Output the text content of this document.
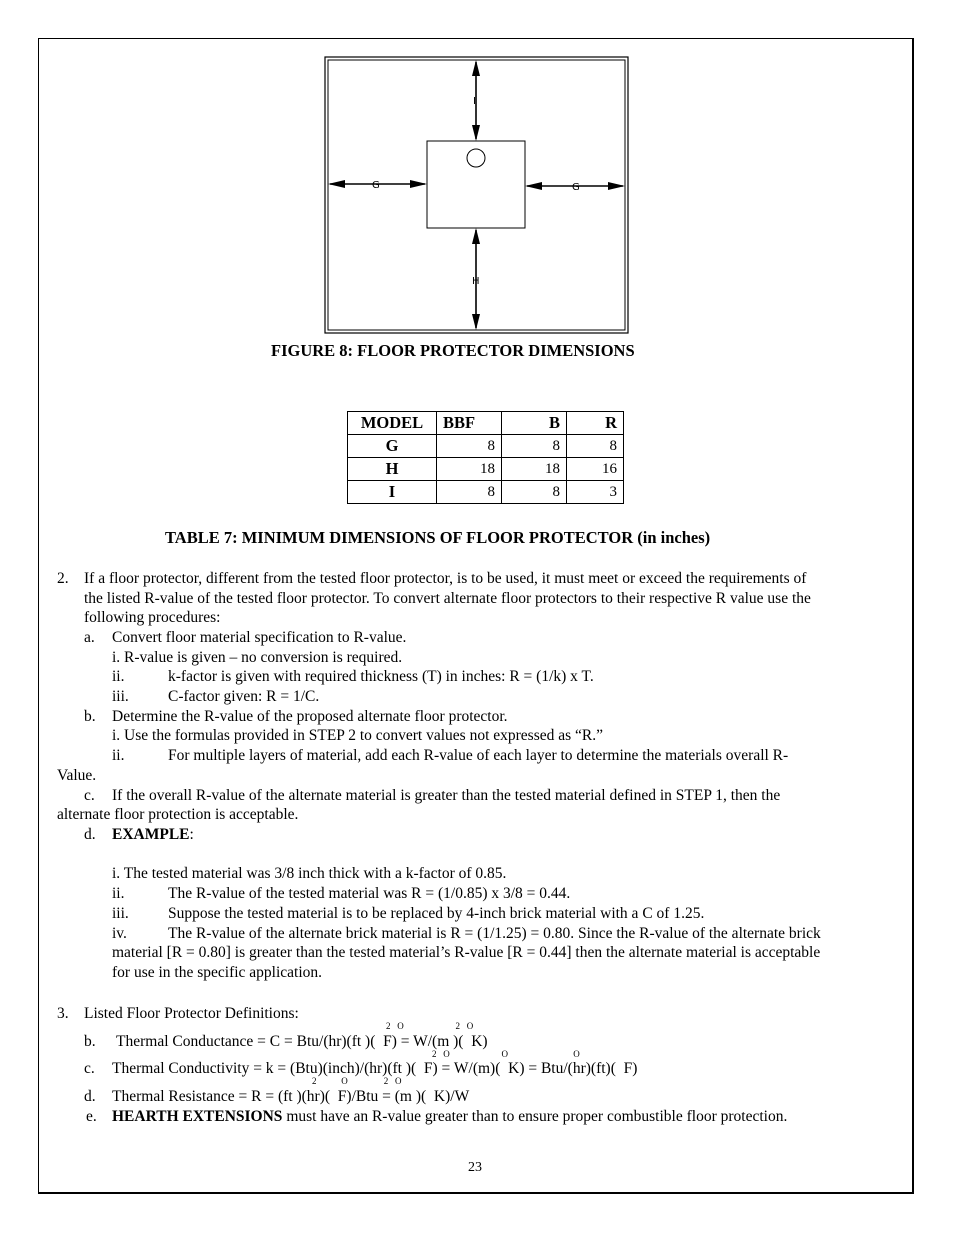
I
H
G	G
FIGURE 8: FLOOR PROTECTOR DIMENSIONS
MODEL	BBF	B	R
G	8	8	8
H	18	18	16
I	8	8	3
TABLE 7: MINIMUM DIMENSIONS OF FLOOR PROTECTOR (in inches)
2. If a floor protector, different from the tested floor protector, is to be used, it must meet or exceed the requirements of
the listed R-value of the tested floor protector. To convert alternate floor protectors to their respective R value use the
following procedures:
a. Convert floor material specification to R-value.
i. R-value is given – no conversion is required.
ii.	k-factor is given with required thickness (T) in inches: R = (1/k) x T.
iii.	C-factor given: R = 1/C.
b. Determine the R-value of the proposed alternate floor protector.
i. Use the formulas provided in STEP 2 to convert values not expressed as “R.”
ii.	For multiple layers of material, add each R-value of each layer to determine the materials overall R-
Value.
c. If the overall R-value of the alternate material is greater than the tested material defined in STEP 1, then the
alternate floor protection is acceptable.
d. EXAMPLE:
i. The tested material was 3/8 inch thick with a k-factor of 0.85.
ii.	The R-value of the tested material was R = (1/0.85) x 3/8 = 0.44.
iii.	Suppose the tested material is to be replaced by 4-inch brick material with a C of 1.25.
iv.	The R-value of the alternate brick material is R = (1/1.25) = 0.80. Since the R-value of the alternate brick
material [R = 0.80] is greater than the tested material’s R-value [R = 0.44] then the alternate material is acceptable
for use in the specific application.
3. Listed Floor Protector Definitions:
2   O                       2   O
b. Thermal Conductance = C = Btu/(hr)(ft )(  F) = W/(m )(  K)
2   O                       O                             O
c. Thermal Conductivity = k = (Btu)(inch)/(hr)(ft )(  F) = W/(m)(  K) = Btu/(hr)(ft)(  F)
2           O                2   O
d. Thermal Resistance = R = (ft )(hr)(  F)/Btu = (m )(  K)/W
e. HEARTH EXTENSIONS must have an R-value greater than to ensure proper combustible floor protection.
23
